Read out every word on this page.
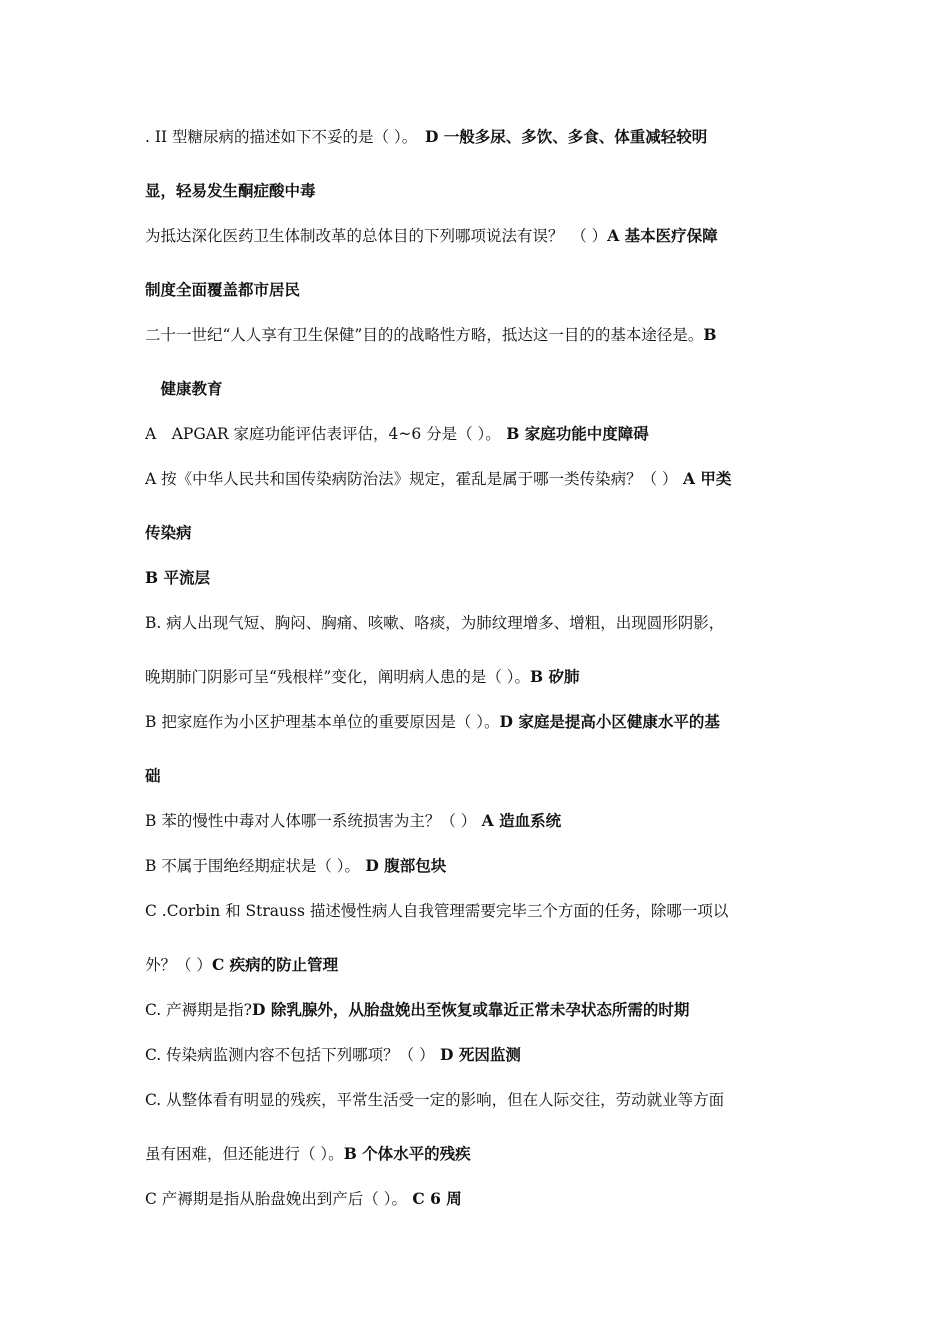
. II 型糖尿病的描述如下不妥的是（ ）。　D 一般多尿、多饮、多食、体重减轻较明
显，轻易发生酮症酸中毒
为抵达深化医药卫生体制改革的总体目的下列哪项说法有误？　（ ）A 基本医疗保障
制度全面覆盖都市居民
二十一世纪“人人享有卫生保健”目的的战略性方略，抵达这一目的的基本途径是。B
　健康教育
A　APGAR 家庭功能评估表评估，4~6 分是（ ）。 B 家庭功能中度障碍
A 按《中华人民共和国传染病防治法》规定，霍乱是属于哪一类传染病？（ ） A 甲类
传染病
B 平流层
B. 病人出现气短、胸闷、胸痛、咳嗽、咯痰，为肺纹理增多、增粗，出现圆形阴影，
晚期肺门阴影可呈“残根样”变化，阐明病人患的是（ ）。B 矽肺
B 把家庭作为小区护理基本单位的重要原因是（ ）。D 家庭是提高小区健康水平的基
础
B 苯的慢性中毒对人体哪一系统损害为主？（ ） A 造血系统
B 不属于围绝经期症状是（ ）。 D 腹部包块
C .Corbin 和 Strauss 描述慢性病人自我管理需要完毕三个方面的任务，除哪一项以
外？（ ）C 疾病的防止管理
C. 产褥期是指?D 除乳腺外，从胎盘娩出至恢复或靠近正常未孕状态所需的时期
C. 传染病监测内容不包括下列哪项？（ ） D 死因监测
C. 从整体看有明显的残疾，平常生活受一定的影响，但在人际交往，劳动就业等方面
虽有困难，但还能进行（ ）。B 个体水平的残疾
C 产褥期是指从胎盘娩出到产后（ ）。 C 6 周
